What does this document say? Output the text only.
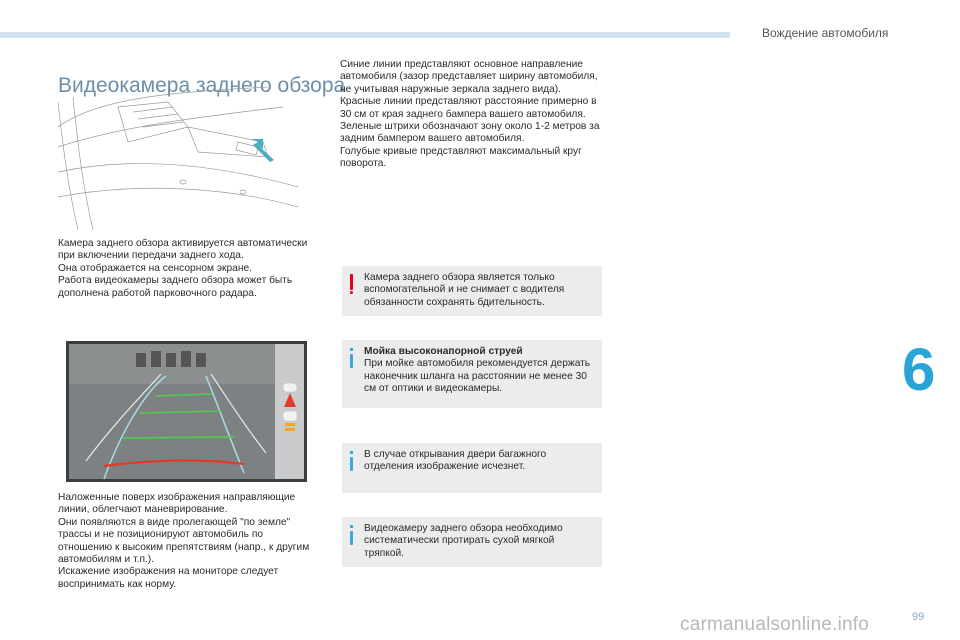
Вождение автомобиля
6
Видеокамера заднего обзора

Камера заднего обзора активируется автоматически при включении передачи заднего хода.

Она отображается на сенсорном экране.

Работа видеокамеры заднего обзора может быть дополнена работой парковочного радара.

Наложенные поверх изображения направляющие линии, облегчают маневрирование.

Они появляются в виде пролегающей "по земле" трассы и не позиционируют автомобиль по отношению к высоким препятствиям (напр., к другим автомобилям и т.п.).

Искажение изображения на мониторе следует воспринимать как норму.

Синие линии представляют основное направление автомобиля (зазор представляет ширину автомобиля, не учитывая наружные зеркала заднего вида).

Красные линии представляют расстояние примерно в 30 см от края заднего бампера вашего автомобиля.

Зеленые штрихи обозначают зону около 1-2 метров за задним бампером вашего автомобиля.

Голубые кривые представляют максимальный круг поворота.

Камера заднего обзора является только вспомогательной и не снимает с водителя обязанности сохранять бдительность.

Мойка высоконапорной струей

При мойке автомобиля рекомендуется держать наконечник шланга на расстоянии не менее 30 см от оптики и видеокамеры.

В случае открывания двери багажного отделения изображение исчезнет.

Видеокамеру заднего обзора необходимо систематически протирать сухой мягкой тряпкой.

99
carmanualsonline.info
